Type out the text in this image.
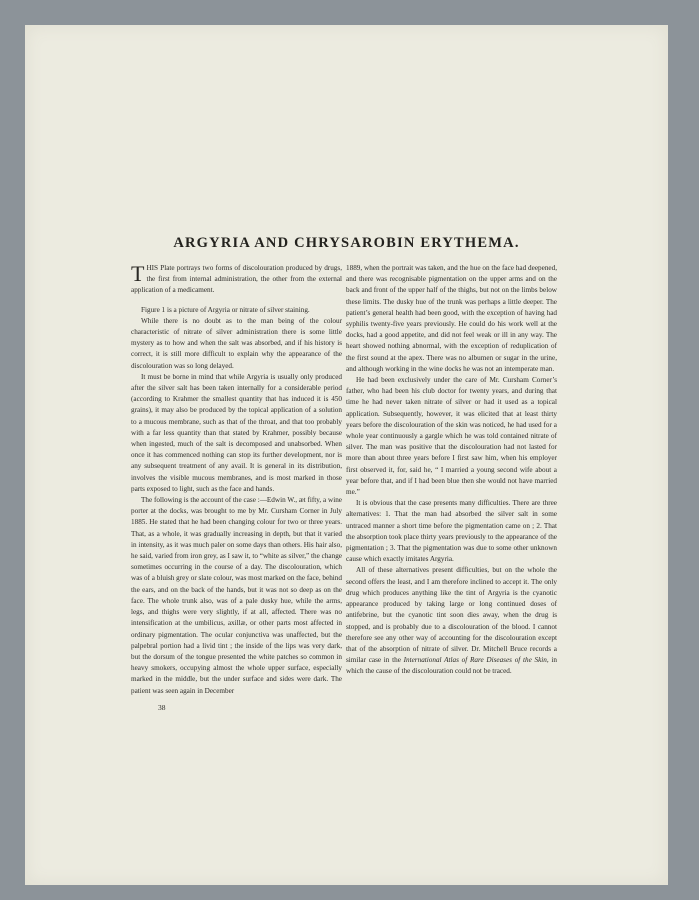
ARGYRIA AND CHRYSAROBIN ERYTHEMA.

THIS Plate portrays two forms of discolouration produced by drugs, the first from internal administration, the other from the external application of a medicament.

Figure 1 is a picture of Argyria or nitrate of silver staining.

While there is no doubt as to the man being of the colour characteristic of nitrate of silver administration there is some little mystery as to how and when the salt was absorbed, and if his history is correct, it is still more difficult to explain why the appearance of the discolouration was so long delayed.

It must be borne in mind that while Argyria is usually only produced after the silver salt has been taken internally for a considerable period (according to Krahmer the smallest quantity that has induced it is 450 grains), it may also be produced by the topical application of a solution to a mucous membrane, such as that of the throat, and that too probably with a far less quantity than that stated by Krahmer, possibly because when ingested, much of the salt is decomposed and unabsorbed. When once it has commenced nothing can stop its further development, nor is any subsequent treatment of any avail. It is general in its distribution, involves the visible mucous membranes, and is most marked in those parts exposed to light, such as the face and hands.

The following is the account of the case :—Edwin W., æt fifty, a wine porter at the docks, was brought to me by Mr. Cursham Corner in July 1885. He stated that he had been changing colour for two or three years. That, as a whole, it was gradually increasing in depth, but that it varied in intensity, as it was much paler on some days than others. His hair also, he said, varied from iron grey, as I saw it, to “white as silver,” the change sometimes occurring in the course of a day. The discolouration, which was of a bluish grey or slate colour, was most marked on the face, behind the ears, and on the back of the hands, but it was not so deep as on the face. The whole trunk also, was of a pale dusky hue, while the arms, legs, and thighs were very slightly, if at all, affected. There was no intensification at the umbilicus, axillæ, or other parts most affected in ordinary pigmentation. The ocular conjunctiva was unaffected, but the palpebral portion had a livid tint ; the inside of the lips was very dark, but the dorsum of the tongue presented the white patches so common in heavy smokers, occupying almost the whole upper surface, especially marked in the middle, but the under surface and sides were dark. The patient was seen again in December

1889, when the portrait was taken, and the hue on the face had deepened, and there was recognisable pigmentation on the upper arms and on the back and front of the upper half of the thighs, but not on the limbs below these limits. The dusky hue of the trunk was perhaps a little deeper. The patient’s general health had been good, with the exception of having had syphilis twenty-five years previously. He could do his work well at the docks, had a good appetite, and did not feel weak or ill in any way. The heart showed nothing abnormal, with the exception of reduplication of the first sound at the apex. There was no albumen or sugar in the urine, and although working in the wine docks he was not an intemperate man.

He had been exclusively under the care of Mr. Cursham Corner’s father, who had been his club doctor for twenty years, and during that time he had never taken nitrate of silver or had it used as a topical application. Subsequently, however, it was elicited that at least thirty years before the discolouration of the skin was noticed, he had used for a whole year continuously a gargle which he was told contained nitrate of silver. The man was positive that the discolouration had not lasted for more than about three years before I first saw him, when his employer first observed it, for, said he, “ I married a young second wife about a year before that, and if I had been blue then she would not have married me.”

It is obvious that the case presents many difficulties. There are three alternatives: 1. That the man had absorbed the silver salt in some untraced manner a short time before the pigmentation came on ; 2. That the absorption took place thirty years previously to the appearance of the pigmentation ; 3. That the pigmentation was due to some other unknown cause which exactly imitates Argyria.

All of these alternatives present difficulties, but on the whole the second offers the least, and I am therefore inclined to accept it. The only drug which produces anything like the tint of Argyria is the cyanotic appearance produced by taking large or long continued doses of antifebrine, but the cyanotic tint soon dies away, when the drug is stopped, and is probably due to a discolouration of the blood. I cannot therefore see any other way of accounting for the discolouration except that of the absorption of nitrate of silver. Dr. Mitchell Bruce records a similar case in the International Atlas of Rare Diseases of the Skin, in which the cause of the discolouration could not be traced.

38
